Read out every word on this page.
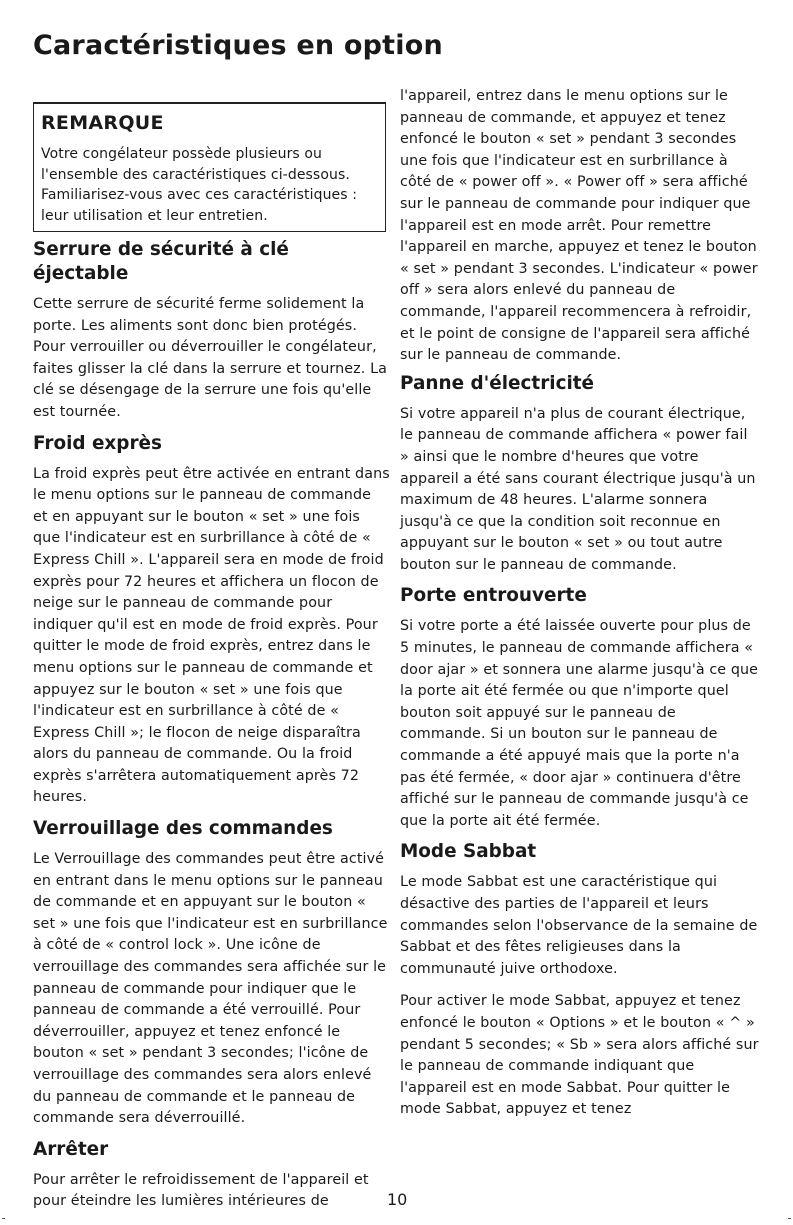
Caractéristiques en option
REMARQUE

Votre congélateur possède plusieurs ou l'ensemble des caractéristiques ci-dessous. Familiarisez-vous avec ces caractéristiques : leur utilisation et leur entretien.

Serrure de sécurité à clé éjectable

Cette serrure de sécurité ferme solidement la porte. Les aliments sont donc bien protégés. Pour verrouiller ou déverrouiller le congélateur, faites glisser la clé dans la serrure et tournez. La clé se désengage de la serrure une fois qu'elle est tournée.

Froid exprès

La froid exprès peut être activée en entrant dans le menu options sur le panneau de commande et en appuyant sur le bouton « set » une fois que l'indicateur est en surbrillance à côté de « Express Chill ». L'appareil sera en mode de froid exprès pour 72 heures et affichera un flocon de neige sur le panneau de commande pour indiquer qu'il est en mode de froid exprès. Pour quitter le mode de froid exprès, entrez dans le menu options sur le panneau de commande et appuyez sur le bouton « set » une fois que l'indicateur est en surbrillance à côté de « Express Chill »; le flocon de neige disparaîtra alors du panneau de commande. Ou la froid exprès s'arrêtera automatiquement après 72 heures.

Verrouillage des commandes

Le Verrouillage des commandes peut être activé en entrant dans le menu options sur le panneau de commande et en appuyant sur le bouton « set » une fois que l'indicateur est en surbrillance à côté de « control lock ». Une icône de verrouillage des commandes sera affichée sur le panneau de commande pour indiquer que le panneau de commande a été verrouillé. Pour déverrouiller, appuyez et tenez enfoncé le bouton « set » pendant 3 secondes; l'icône de verrouillage des commandes sera alors enlevé du panneau de commande et le panneau de commande sera déverrouillé.

Arrêter

Pour arrêter le refroidissement de l'appareil et pour éteindre les lumières intérieures de

l'appareil, entrez dans le menu options sur le panneau de commande, et appuyez et tenez enfoncé le bouton « set » pendant 3 secondes une fois que l'indicateur est en surbrillance à côté de « power off ». « Power off » sera affiché sur le panneau de commande pour indiquer que l'appareil est en mode arrêt. Pour remettre l'appareil en marche, appuyez et tenez le bouton « set » pendant 3 secondes. L'indicateur « power off » sera alors enlevé du panneau de commande, l'appareil recommencera à refroidir, et le point de consigne de l'appareil sera affiché sur le panneau de commande.

Panne d'électricité

Si votre appareil n'a plus de courant électrique, le panneau de commande affichera « power fail » ainsi que le nombre d'heures que votre appareil a été sans courant électrique jusqu'à un maximum de 48 heures. L'alarme sonnera jusqu'à ce que la condition soit reconnue en appuyant sur le bouton « set » ou tout autre bouton sur le panneau de commande.

Porte entrouverte

Si votre porte a été laissée ouverte pour plus de 5 minutes, le panneau de commande affichera « door ajar » et sonnera une alarme jusqu'à ce que la porte ait été fermée ou que n'importe quel bouton soit appuyé sur le panneau de commande. Si un bouton sur le panneau de commande a été appuyé mais que la porte n'a pas été fermée, « door ajar » continuera d'être affiché sur le panneau de commande jusqu'à ce que la porte ait été fermée.

Mode Sabbat

Le mode Sabbat est une caractéristique qui désactive des parties de l'appareil et leurs commandes selon l'observance de la semaine de Sabbat et des fêtes religieuses dans la communauté juive orthodoxe.

Pour activer le mode Sabbat, appuyez et tenez enfoncé le bouton « Options » et le bouton « ^ » pendant 5 secondes; « Sb » sera alors affiché sur le panneau de commande indiquant que l'appareil est en mode Sabbat. Pour quitter le mode Sabbat, appuyez et tenez

10
